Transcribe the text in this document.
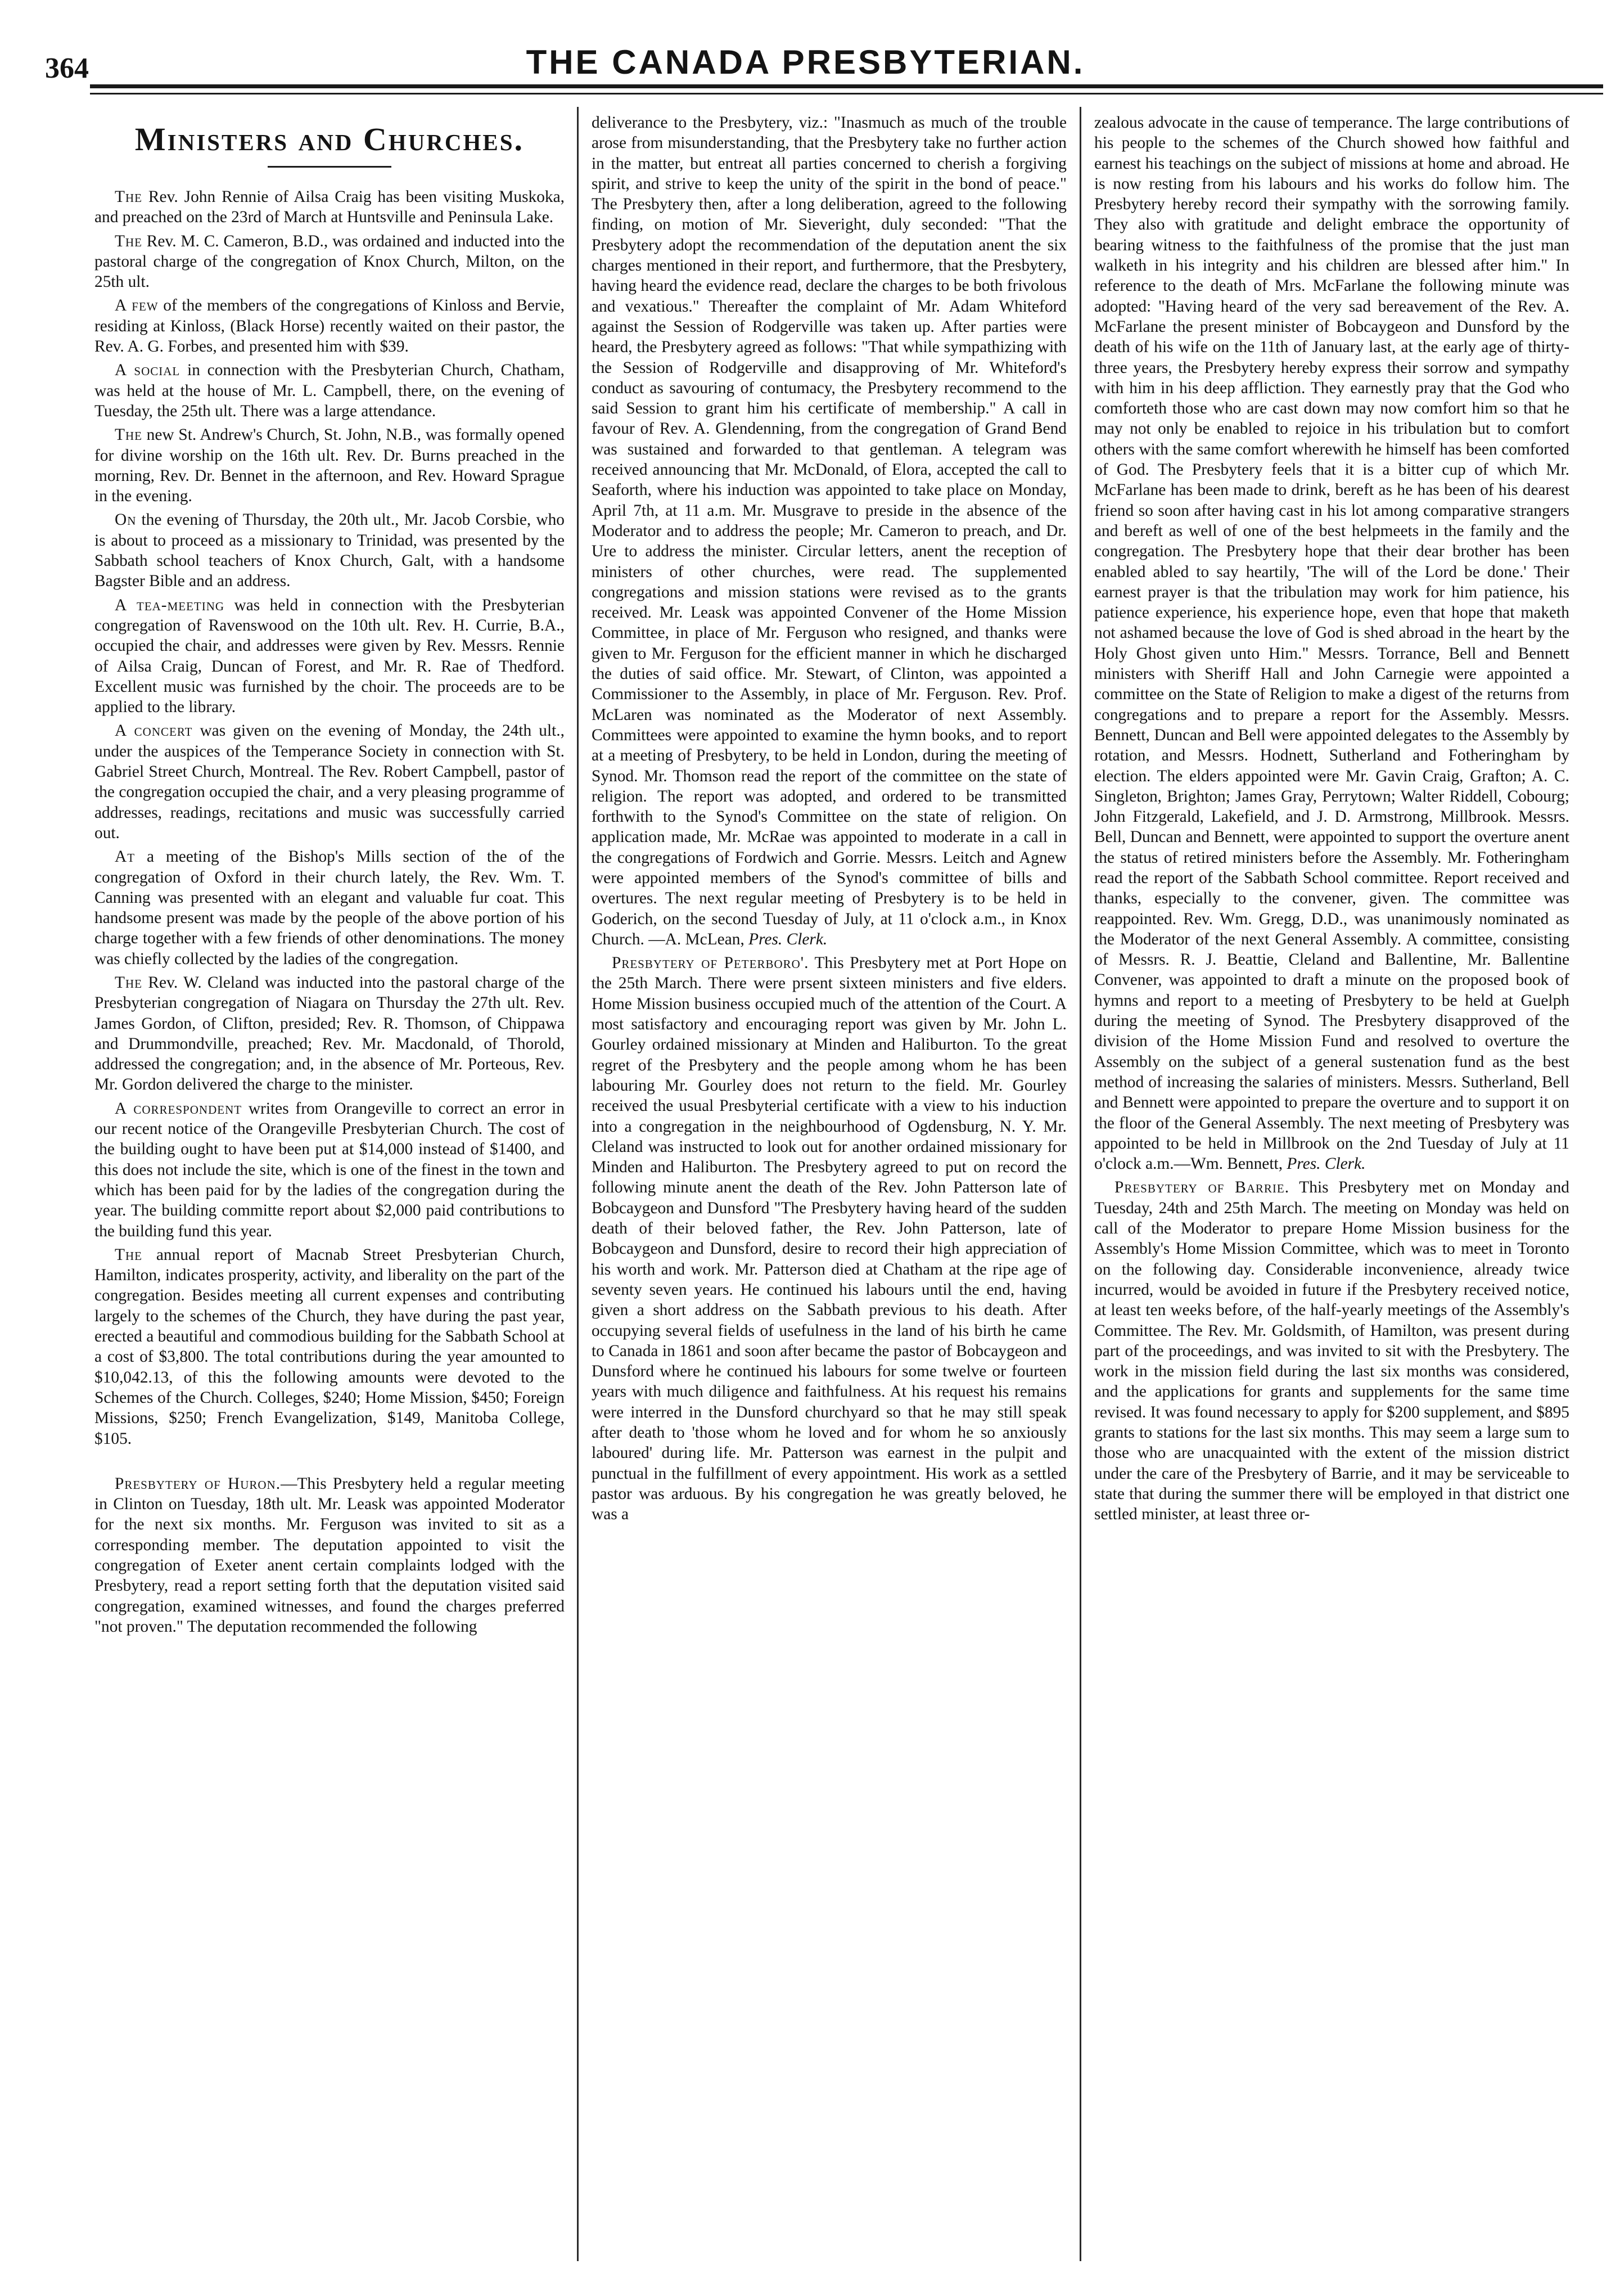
364	THE CANADA PRESBYTERIAN.
Ministers and Churches.

The Rev. John Rennie of Ailsa Craig has been visiting Muskoka, and preached on the 23rd of March at Huntsville and Peninsula Lake.

The Rev. M. C. Cameron, B.D., was ordained and inducted into the pastoral charge of the congregation of Knox Church, Milton, on the 25th ult.

A few of the members of the congregations of Kinloss and Bervie, residing at Kinloss, (Black Horse) recently waited on their pastor, the Rev. A. G. Forbes, and presented him with $39.

A social in connection with the Presbyterian Church, Chatham, was held at the house of Mr. L. Campbell, there, on the evening of Tuesday, the 25th ult. There was a large attendance.

The new St. Andrew's Church, St. John, N.B., was formally opened for divine worship on the 16th ult. Rev. Dr. Burns preached in the morning, Rev. Dr. Bennet in the afternoon, and Rev. Howard Sprague in the evening.

On the evening of Thursday, the 20th ult., Mr. Jacob Corsbie, who is about to proceed as a missionary to Trinidad, was presented by the Sabbath school teachers of Knox Church, Galt, with a handsome Bagster Bible and an address.

A tea-meeting was held in connection with the Presbyterian congregation of Ravenswood on the 10th ult. Rev. H. Currie, B.A., occupied the chair, and addresses were given by Rev. Messrs. Rennie of Ailsa Craig, Duncan of Forest, and Mr. R. Rae of Thedford. Excellent music was furnished by the choir. The proceeds are to be applied to the library.

A concert was given on the evening of Monday, the 24th ult., under the auspices of the Temperance Society in connection with St. Gabriel Street Church, Montreal. The Rev. Robert Campbell, pastor of the congregation occupied the chair, and a very pleasing programme of addresses, readings, recitations and music was successfully carried out.

At a meeting of the Bishop's Mills section of the of the congregation of Oxford in their church lately, the Rev. Wm. T. Canning was presented with an elegant and valuable fur coat. This handsome present was made by the people of the above portion of his charge together with a few friends of other denominations. The money was chiefly collected by the ladies of the congregation.

The Rev. W. Cleland was inducted into the pastoral charge of the Presbyterian congregation of Niagara on Thursday the 27th ult. Rev. James Gordon, of Clifton, presided; Rev. R. Thomson, of Chippawa and Drummondville, preached; Rev. Mr. Macdonald, of Thorold, addressed the congregation; and, in the absence of Mr. Porteous, Rev. Mr. Gordon delivered the charge to the minister.

A correspondent writes from Orangeville to correct an error in our recent notice of the Orangeville Presbyterian Church. The cost of the building ought to have been put at $14,000 instead of $1400, and this does not include the site, which is one of the finest in the town and which has been paid for by the ladies of the congregation during the year. The building committe report about $2,000 paid contributions to the building fund this year.

The annual report of Macnab Street Presbyterian Church, Hamilton, indicates prosperity, activity, and liberality on the part of the congregation. Besides meeting all current expenses and contributing largely to the schemes of the Church, they have during the past year, erected a beautiful and commodious building for the Sabbath School at a cost of $3,800. The total contributions during the year amounted to $10,042.13, of this the following amounts were devoted to the Schemes of the Church. Colleges, $240; Home Mission, $450; Foreign Missions, $250; French Evangelization, $149, Manitoba College, $105.

Presbytery of Huron.—This Presbytery held a regular meeting in Clinton on Tuesday, 18th ult. Mr. Leask was appointed Moderator for the next six months. Mr. Ferguson was invited to sit as a corresponding member. The deputation appointed to visit the congregation of Exeter anent certain complaints lodged with the Presbytery, read a report setting forth that the deputation visited said congregation, examined witnesses, and found the charges preferred "not proven." The deputation recommended the following

deliverance to the Presbytery, viz.: "Inasmuch as much of the trouble arose from misunderstanding, that the Presbytery take no further action in the matter, but entreat all parties concerned to cherish a forgiving spirit, and strive to keep the unity of the spirit in the bond of peace." The Presbytery then, after a long deliberation, agreed to the following finding, on motion of Mr. Sieveright, duly seconded: "That the Presbytery adopt the recommendation of the deputation anent the six charges mentioned in their report, and furthermore, that the Presbytery, having heard the evidence read, declare the charges to be both frivolous and vexatious." Thereafter the complaint of Mr. Adam Whiteford against the Session of Rodgerville was taken up. After parties were heard, the Presbytery agreed as follows: "That while sympathizing with the Session of Rodgerville and disapproving of Mr. Whiteford's conduct as savouring of contumacy, the Presbytery recommend to the said Session to grant him his certificate of membership." A call in favour of Rev. A. Glendenning, from the congregation of Grand Bend was sustained and forwarded to that gentleman. A telegram was received announcing that Mr. McDonald, of Elora, accepted the call to Seaforth, where his induction was appointed to take place on Monday, April 7th, at 11 a.m. Mr. Musgrave to preside in the absence of the Moderator and to address the people; Mr. Cameron to preach, and Dr. Ure to address the minister. Circular letters, anent the reception of ministers of other churches, were read. The supplemented congregations and mission stations were revised as to the grants received. Mr. Leask was appointed Convener of the Home Mission Committee, in place of Mr. Ferguson who resigned, and thanks were given to Mr. Ferguson for the efficient manner in which he discharged the duties of said office. Mr. Stewart, of Clinton, was appointed a Commissioner to the Assembly, in place of Mr. Ferguson. Rev. Prof. McLaren was nominated as the Moderator of next Assembly. Committees were appointed to examine the hymn books, and to report at a meeting of Presbytery, to be held in London, during the meeting of Synod. Mr. Thomson read the report of the committee on the state of religion. The report was adopted, and ordered to be transmitted forthwith to the Synod's Committee on the state of religion. On application made, Mr. McRae was appointed to moderate in a call in the congregations of Fordwich and Gorrie. Messrs. Leitch and Agnew were appointed members of the Synod's committee of bills and overtures. The next regular meeting of Presbytery is to be held in Goderich, on the second Tuesday of July, at 11 o'clock a.m., in Knox Church. —A. McLean, Pres. Clerk.

Presbytery of Peterboro'. This Presbytery met at Port Hope on the 25th March. There were prsent sixteen ministers and five elders. Home Mission business occupied much of the attention of the Court. A most satisfactory and encouraging report was given by Mr. John L. Gourley ordained missionary at Minden and Haliburton. To the great regret of the Presbytery and the people among whom he has been labouring Mr. Gourley does not return to the field. Mr. Gourley received the usual Presbyterial certificate with a view to his induction into a congregation in the neighbourhood of Ogdensburg, N. Y. Mr. Cleland was instructed to look out for another ordained missionary for Minden and Haliburton. The Presbytery agreed to put on record the following minute anent the death of the Rev. John Patterson late of Bobcaygeon and Dunsford "The Presbytery having heard of the sudden death of their beloved father, the Rev. John Patterson, late of Bobcaygeon and Dunsford, desire to record their high appreciation of his worth and work. Mr. Patterson died at Chatham at the ripe age of seventy seven years. He continued his labours until the end, having given a short address on the Sabbath previous to his death. After occupying several fields of usefulness in the land of his birth he came to Canada in 1861 and soon after became the pastor of Bobcaygeon and Dunsford where he continued his labours for some twelve or fourteen years with much diligence and faithfulness. At his request his remains were interred in the Dunsford churchyard so that he may still speak after death to 'those whom he loved and for whom he so anxiously laboured' during life. Mr. Patterson was earnest in the pulpit and punctual in the fulfillment of every appointment. His work as a settled pastor was arduous. By his congregation he was greatly beloved, he was a

zealous advocate in the cause of temperance. The large contributions of his people to the schemes of the Church showed how faithful and earnest his teachings on the subject of missions at home and abroad. He is now resting from his labours and his works do follow him. The Presbytery hereby record their sympathy with the sorrowing family. They also with gratitude and delight embrace the opportunity of bearing witness to the faithfulness of the promise that the just man walketh in his integrity and his children are blessed after him." In reference to the death of Mrs. McFarlane the following minute was adopted: "Having heard of the very sad bereavement of the Rev. A. McFarlane the present minister of Bobcaygeon and Dunsford by the death of his wife on the 11th of January last, at the early age of thirty-three years, the Presbytery hereby express their sorrow and sympathy with him in his deep affliction. They earnestly pray that the God who comforteth those who are cast down may now comfort him so that he may not only be enabled to rejoice in his tribulation but to comfort others with the same comfort wherewith he himself has been comforted of God. The Presbytery feels that it is a bitter cup of which Mr. McFarlane has been made to drink, bereft as he has been of his dearest friend so soon after having cast in his lot among comparative strangers and bereft as well of one of the best helpmeets in the family and the congregation. The Presbytery hope that their dear brother has been enabled abled to say heartily, 'The will of the Lord be done.' Their earnest prayer is that the tribulation may work for him patience, his patience experience, his experience hope, even that hope that maketh not ashamed because the love of God is shed abroad in the heart by the Holy Ghost given unto Him." Messrs. Torrance, Bell and Bennett ministers with Sheriff Hall and John Carnegie were appointed a committee on the State of Religion to make a digest of the returns from congregations and to prepare a report for the Assembly. Messrs. Bennett, Duncan and Bell were appointed delegates to the Assembly by rotation, and Messrs. Hodnett, Sutherland and Fotheringham by election. The elders appointed were Mr. Gavin Craig, Grafton; A. C. Singleton, Brighton; James Gray, Perrytown; Walter Riddell, Cobourg; John Fitzgerald, Lakefield, and J. D. Armstrong, Millbrook. Messrs. Bell, Duncan and Bennett, were appointed to support the overture anent the status of retired ministers before the Assembly. Mr. Fotheringham read the report of the Sabbath School committee. Report received and thanks, especially to the convener, given. The committee was reappointed. Rev. Wm. Gregg, D.D., was unanimously nominated as the Moderator of the next General Assembly. A committee, consisting of Messrs. R. J. Beattie, Cleland and Ballentine, Mr. Ballentine Convener, was appointed to draft a minute on the proposed book of hymns and report to a meeting of Presbytery to be held at Guelph during the meeting of Synod. The Presbytery disapproved of the division of the Home Mission Fund and resolved to overture the Assembly on the subject of a general sustenation fund as the best method of increasing the salaries of ministers. Messrs. Sutherland, Bell and Bennett were appointed to prepare the overture and to support it on the floor of the General Assembly. The next meeting of Presbytery was appointed to be held in Millbrook on the 2nd Tuesday of July at 11 o'clock a.m.—Wm. Bennett, Pres. Clerk.

Presbytery of Barrie. This Presbytery met on Monday and Tuesday, 24th and 25th March. The meeting on Monday was held on call of the Moderator to prepare Home Mission business for the Assembly's Home Mission Committee, which was to meet in Toronto on the following day. Considerable inconvenience, already twice incurred, would be avoided in future if the Presbytery received notice, at least ten weeks before, of the half-yearly meetings of the Assembly's Committee. The Rev. Mr. Goldsmith, of Hamilton, was present during part of the proceedings, and was invited to sit with the Presbytery. The work in the mission field during the last six months was considered, and the applications for grants and supplements for the same time revised. It was found necessary to apply for $200 supplement, and $895 grants to stations for the last six months. This may seem a large sum to those who are unacquainted with the extent of the mission district under the care of the Presbytery of Barrie, and it may be serviceable to state that during the summer there will be employed in that district one settled minister, at least three or-
